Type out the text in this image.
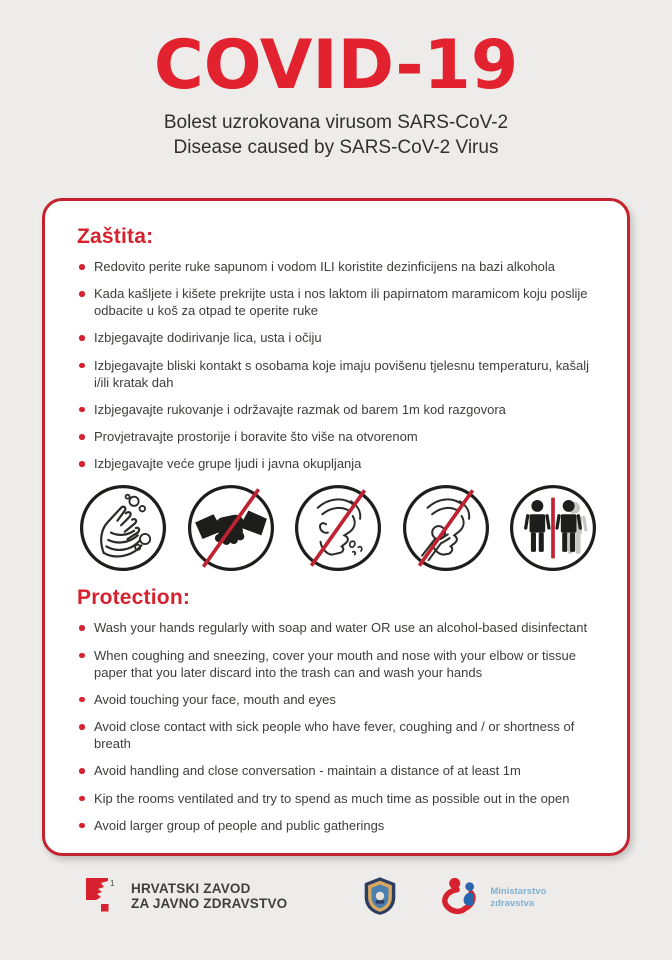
COVID-19
Bolest uzrokovana virusom SARS-CoV-2
Disease caused by SARS-CoV-2 Virus
Zaštita:
Redovito perite ruke sapunom i vodom ILI koristite dezinficijens na bazi alkohola
Kada kašljete i kišete prekrijte usta i nos laktom ili papirnatom maramicom koju poslije odbacite u koš za otpad te operite ruke
Izbjegavajte dodirivanje lica, usta i očiju
Izbjegavajte bliski kontakt s osobama koje imaju povišenu tjelesnu temperaturu, kašalj i/ili kratak dah
Izbjegavajte rukovanje i održavajte razmak od barem 1m kod razgovora
Provjetravajte prostorije i boravite što više na otvorenom
Izbjegavajte veće grupe ljudi i javna okupljanja
Protection:
Wash your hands regularly with soap and water OR use an alcohol-based disinfectant
When coughing and sneezing, cover your mouth and nose with your elbow or tissue paper that you later discard into the trash can and wash your hands
Avoid touching your face, mouth and eyes
Avoid close contact with sick people who have fever, coughing and / or shortness of breath
Avoid handling and close conversation - maintain a distance of at least 1m
Kip the rooms ventilated and try to spend as much time as possible out in the open
Avoid larger group of people and public gatherings
1 HRVATSKI ZAVOD
ZA JAVNO ZDRAVSTVO
Ministarstvo
zdravstva
